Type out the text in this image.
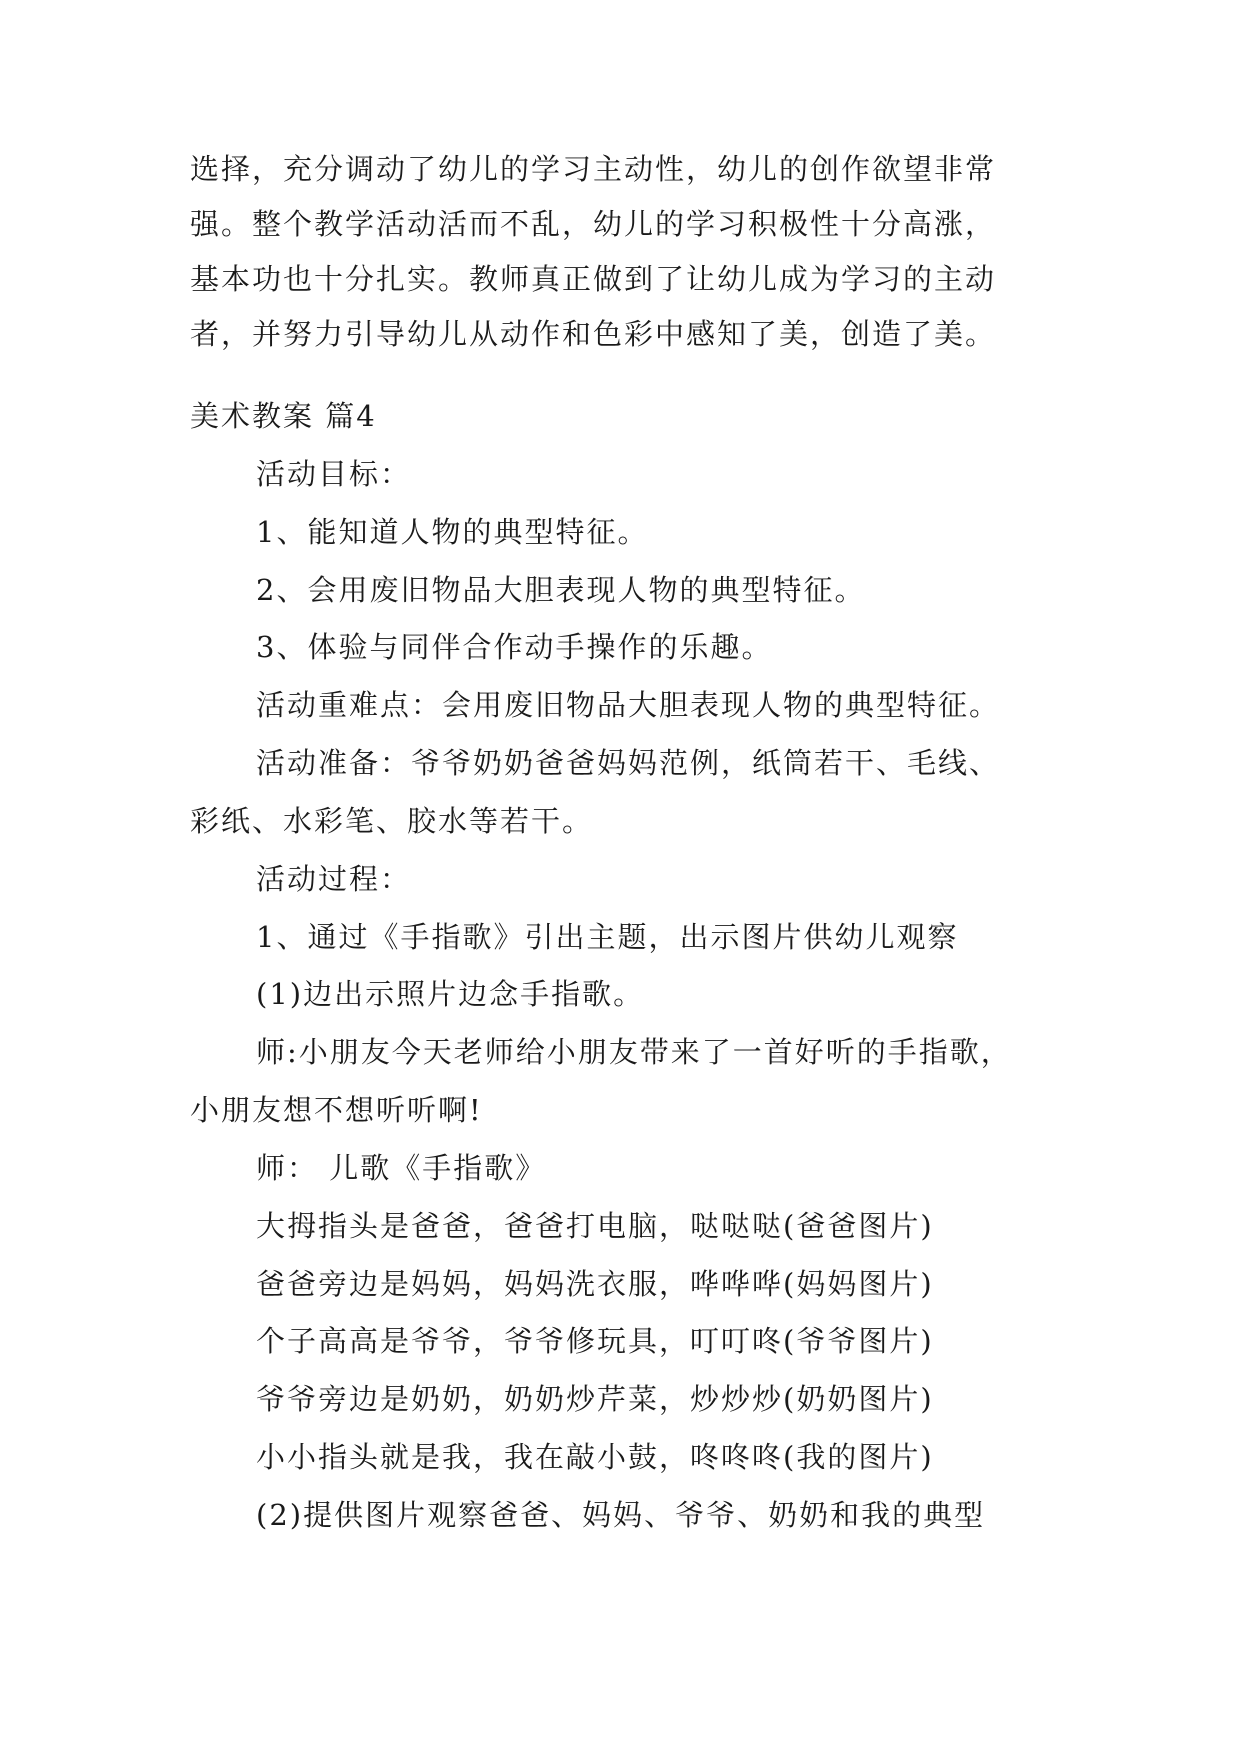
选择，充分调动了幼儿的学习主动性，幼儿的创作欲望非常
强。整个教学活动活而不乱，幼儿的学习积极性十分高涨，
基本功也十分扎实。教师真正做到了让幼儿成为学习的主动
者，并努力引导幼儿从动作和色彩中感知了美，创造了美。
美术教案 篇4
活动目标：
1、能知道人物的典型特征。
2、会用废旧物品大胆表现人物的典型特征。
3、体验与同伴合作动手操作的乐趣。
活动重难点：会用废旧物品大胆表现人物的典型特征。
活动准备：爷爷奶奶爸爸妈妈范例，纸筒若干、毛线、
彩纸、水彩笔、胶水等若干。
活动过程：
1、通过《手指歌》引出主题，出示图片供幼儿观察
(1)边出示照片边念手指歌。
师:小朋友今天老师给小朋友带来了一首好听的手指歌，
小朋友想不想听听啊!
师： 儿歌《手指歌》
大拇指头是爸爸，爸爸打电脑，哒哒哒(爸爸图片)
爸爸旁边是妈妈，妈妈洗衣服，哗哗哗(妈妈图片)
个子高高是爷爷，爷爷修玩具，叮叮咚(爷爷图片)
爷爷旁边是奶奶，奶奶炒芹菜，炒炒炒(奶奶图片)
小小指头就是我，我在敲小鼓，咚咚咚(我的图片)
(2)提供图片观察爸爸、妈妈、爷爷、奶奶和我的典型
